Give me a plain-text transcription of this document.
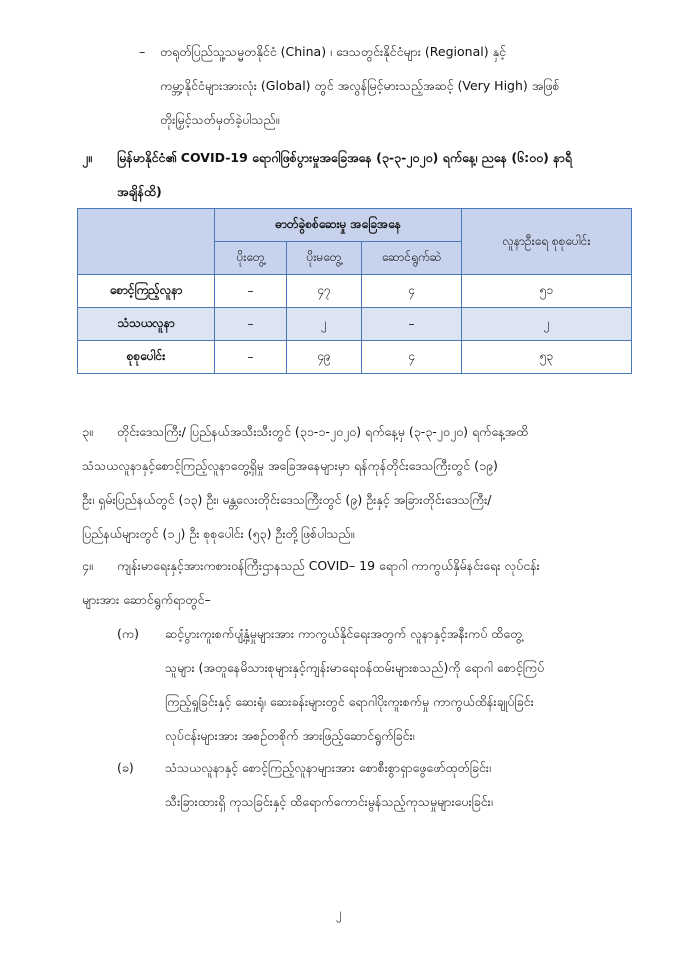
– တရုတ်ပြည်သူ့သမ္မတနိုင်ငံ (China) ၊ ဒေသတွင်းနိုင်ငံများ (Regional) နှင့်
ကမ္ဘာ့နိုင်ငံများအားလုံး (Global) တွင် အလွန်မြင့်မားသည့်အဆင့် (Very High) အဖြစ်
တိုးမြှင့်သတ်မှတ်ခဲ့ပါသည်။
၂။ မြန်မာနိုင်ငံ၏ COVID-19 ရောဂါဖြစ်ပွားမှုအခြေအနေ (၃-၃-၂၀၂၀) ရက်နေ့၊ ညနေ (၆:၀၀) နာရီ
အချိန်ထိ)
	ဓာတ်ခွဲစစ်ဆေးမှု အခြေအနေ			လူနာဦးရေ စုစုပေါင်း
	ပိုးတွေ့	ပိုးမတွေ့	ဆောင်ရွက်ဆဲ	
စောင့်ကြည့်လူနာ	–	၄၇	၄	၅၁
သံသယလူနာ	–	၂	–	၂
စုစုပေါင်း	–	၄၉	၄	၅၃
၃။ တိုင်းဒေသကြီး/ ပြည်နယ်အသီးသီးတွင် (၃၁-၁-၂၀၂၀) ရက်နေ့မှ (၃-၃-၂၀၂၀) ရက်နေ့အထိ
သံသယလူနာနှင့်စောင့်ကြည့်လူနာတွေ့ရှိမှု အခြေအနေများမှာ ရန်ကုန်တိုင်းဒေသကြီးတွင် (၁၉)
ဦး၊ ရှမ်းပြည်နယ်တွင် (၁၃) ဦး၊ မန္တလေးတိုင်းဒေသကြီးတွင် (၉) ဦးနှင့် အခြားတိုင်းဒေသကြီး/
ပြည်နယ်များတွင် (၁၂) ဦး စုစုပေါင်း (၅၃) ဦးတို့ဖြစ်ပါသည်။
၄။ ကျန်းမာရေးနှင့်အားကစားဝန်ကြီးဌာနသည် COVID– 19 ရောဂါ ကာကွယ်နှိမ်နင်းရေး လုပ်ငန်း
များအား ဆောင်ရွက်ရာတွင်–
(က) ဆင့်ပွားကူးစက်ပျံ့နှံ့မှုများအား ကာကွယ်နိုင်ရေးအတွက် လူနာနှင့်အနီးကပ် ထိတွေ့
သူများ (အတူနေမိသားစုများနှင့်ကျန်းမာရေးဝန်ထမ်းများစသည်)ကို ရောဂါ စောင့်ကြပ်
ကြည့်ရှုခြင်းနှင့် ဆေးရုံ၊ ဆေးခန်းများတွင် ရောဂါပိုးကူးစက်မှု ကာကွယ်ထိန်းချုပ်ခြင်း
လုပ်ငန်းများအား အစဉ်တစိုက် အားဖြည့်ဆောင်ရွက်ခြင်း၊
(ခ) သံသယလူနာနှင့် စောင့်ကြည့်လူနာများအား စောစီးစွာရှာဖွေဖော်ထုတ်ခြင်း၊
သီးခြားထားရှိ ကုသခြင်းနှင့် ထိရောက်ကောင်းမွန်သည့်ကုသမှုများပေးခြင်း၊
၂
